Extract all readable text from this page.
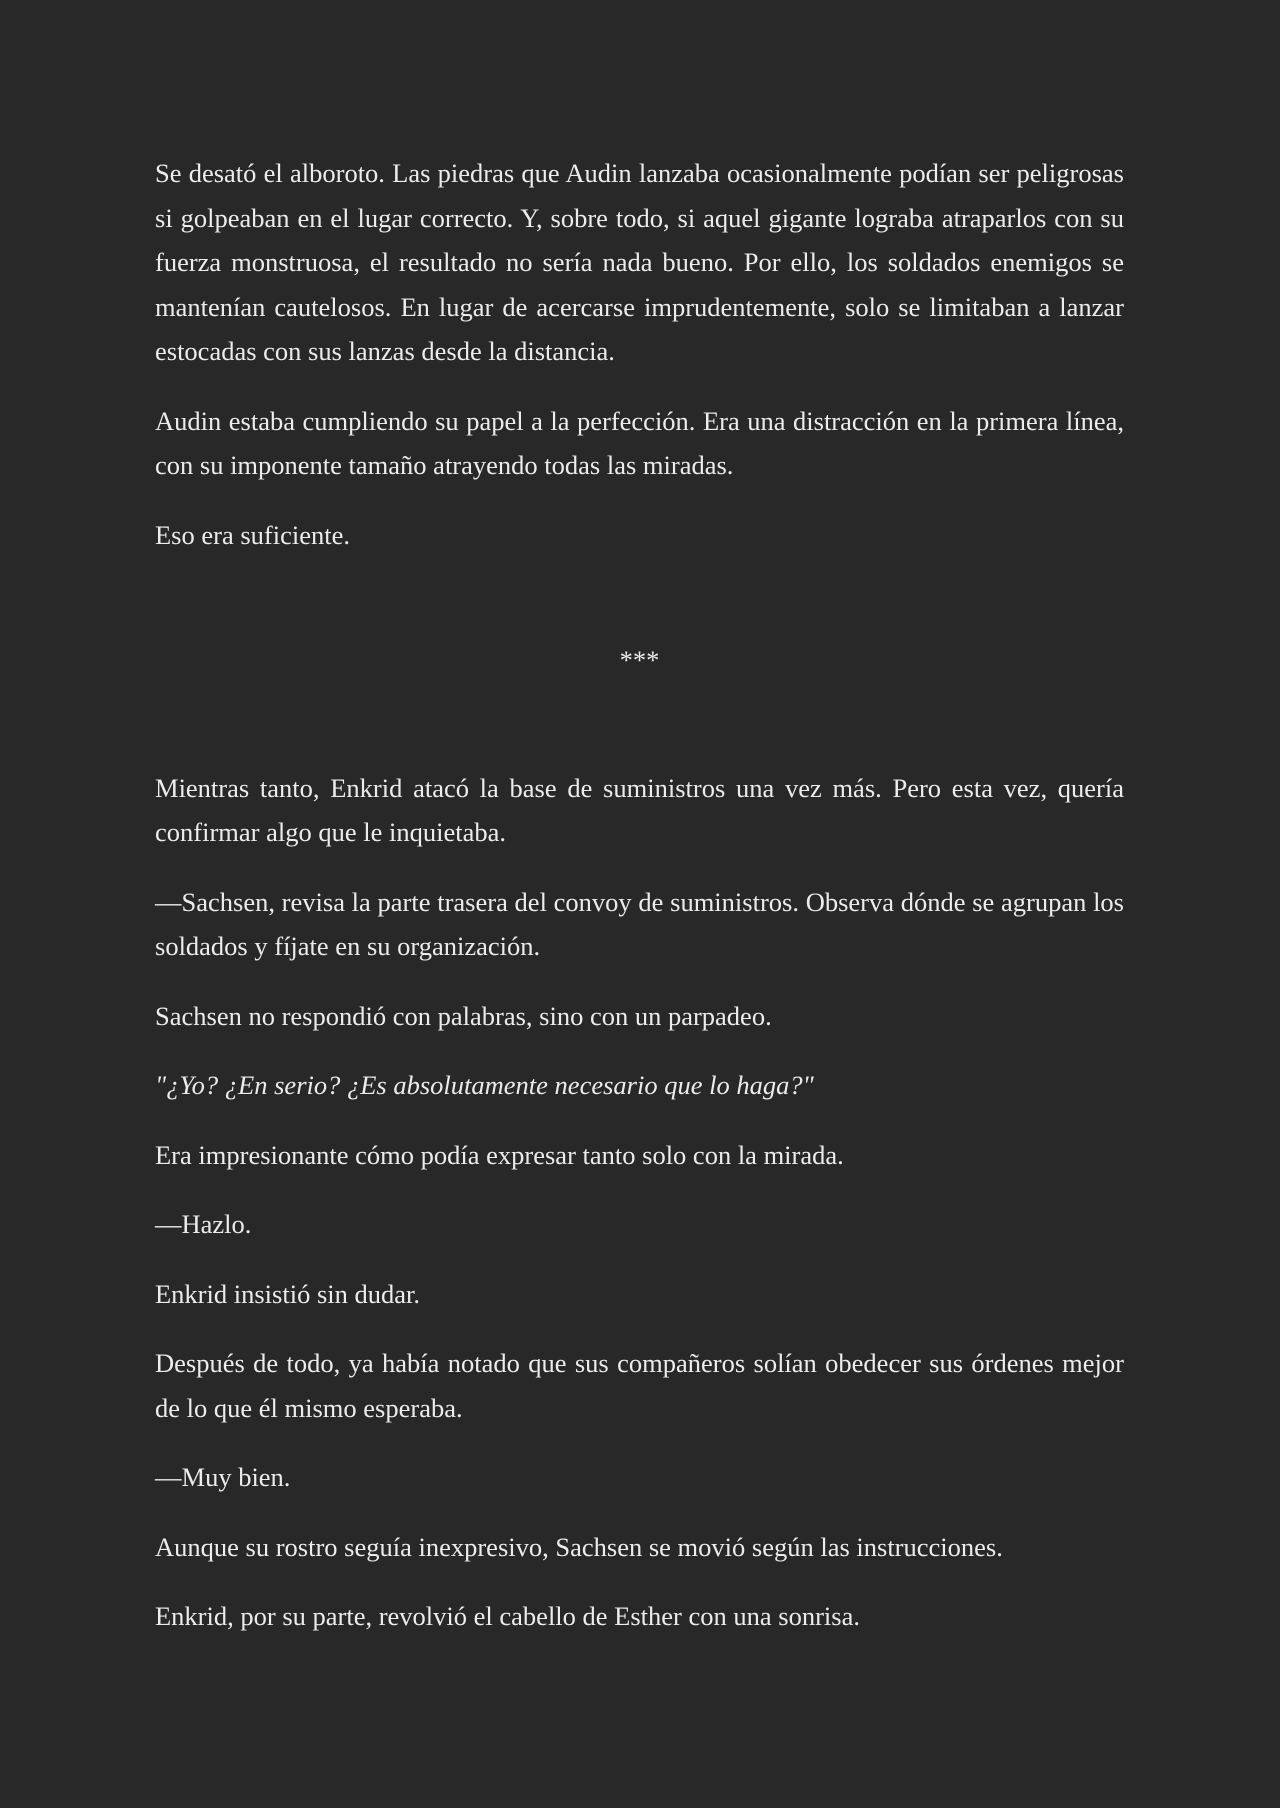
Se desató el alboroto. Las piedras que Audin lanzaba ocasionalmente podían ser peligrosas si golpeaban en el lugar correcto. Y, sobre todo, si aquel gigante lograba atraparlos con su fuerza monstruosa, el resultado no sería nada bueno. Por ello, los soldados enemigos se mantenían cautelosos. En lugar de acercarse imprudentemente, solo se limitaban a lanzar estocadas con sus lanzas desde la distancia.

Audin estaba cumpliendo su papel a la perfección. Era una distracción en la primera línea, con su imponente tamaño atrayendo todas las miradas.

Eso era suficiente.

***

Mientras tanto, Enkrid atacó la base de suministros una vez más. Pero esta vez, quería confirmar algo que le inquietaba.

—Sachsen, revisa la parte trasera del convoy de suministros. Observa dónde se agrupan los soldados y fíjate en su organización.

Sachsen no respondió con palabras, sino con un parpadeo.

"¿Yo? ¿En serio? ¿Es absolutamente necesario que lo haga?"

Era impresionante cómo podía expresar tanto solo con la mirada.

—Hazlo.

Enkrid insistió sin dudar.

Después de todo, ya había notado que sus compañeros solían obedecer sus órdenes mejor de lo que él mismo esperaba.

—Muy bien.

Aunque su rostro seguía inexpresivo, Sachsen se movió según las instrucciones.

Enkrid, por su parte, revolvió el cabello de Esther con una sonrisa.
